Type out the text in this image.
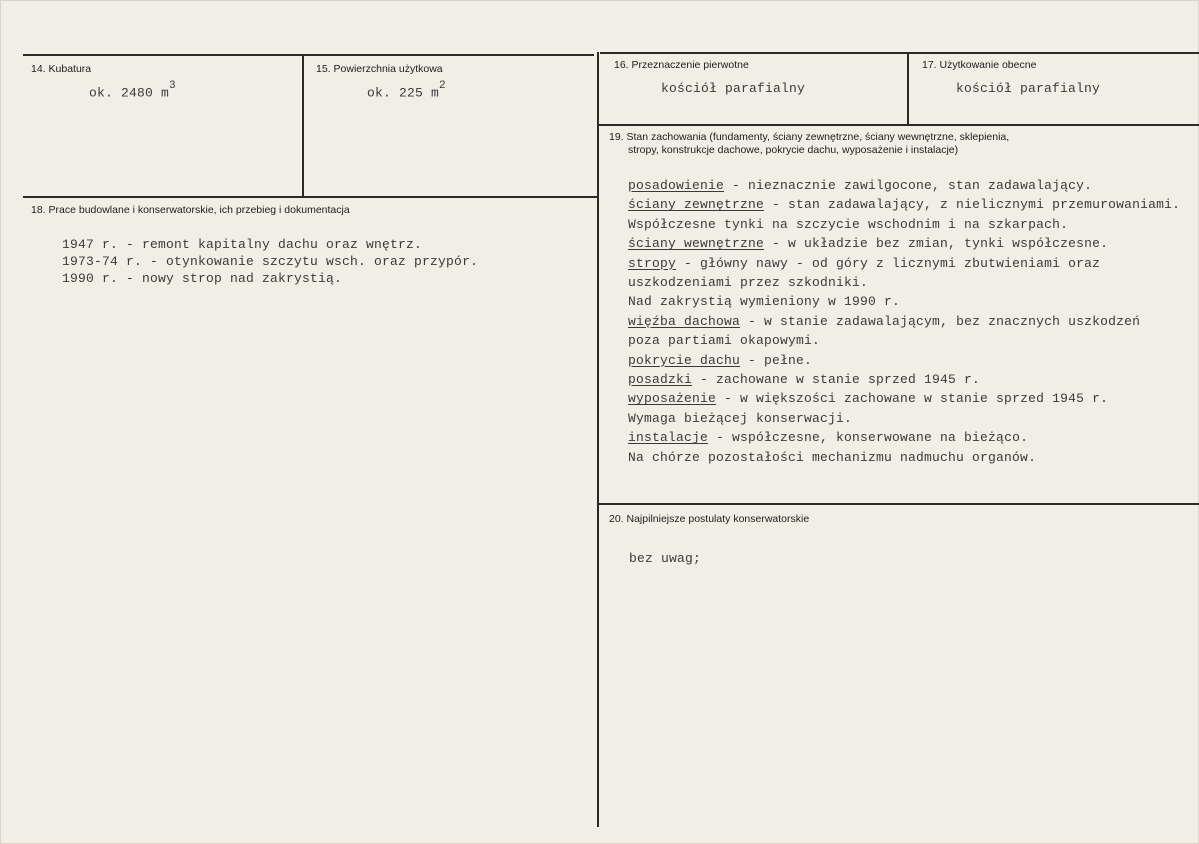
14. Kubatura
ok. 2480 $m^3$
15. Powierzchnia użytkowa
ok. 225 $m^2$
16. Przeznaczenie pierwotne
kościół parafialny
17. Użytkowanie obecne
kościół parafialny
18. Prace budowlane i konserwatorskie, ich przebieg i dokumentacja
1947 r. - remont kapitalny dachu oraz wnętrz.
1973-74 r. - otynkowanie szczytu wsch. oraz przypór.
1990 r. - nowy strop nad zakrystią.
19. Stan zachowania (fundamenty, ściany zewnętrzne, ściany wewnętrzne, sklepienia,
stropy, konstrukcje dachowe, pokrycie dachu, wyposażenie i instalacje)
posadowienie - nieznacznie zawilgocone, stan zadawalający.
ściany zewnętrzne - stan zadawalający, z nielicznymi przemurowaniami.
Współczesne tynki na szczycie wschodnim i na szkarpach.
ściany wewnętrzne - w układzie bez zmian, tynki współczesne.
stropy - główny nawy - od góry z licznymi zbutwieniami oraz
uszkodzeniami przez szkodniki.
Nad zakrystią wymieniony w 1990 r.
więźba dachowa - w stanie zadawalającym, bez znacznych uszkodzeń
poza partiami okapowymi.
pokrycie dachu - pełne.
posadzki - zachowane w stanie sprzed 1945 r.
wyposażenie - w większości zachowane w stanie sprzed 1945 r.
Wymaga bieżącej konserwacji.
instalacje - współczesne, konserwowane na bieżąco.
Na chórze pozostałości mechanizmu nadmuchu organów.
20. Najpilniejsze postulaty konserwatorskie
bez uwag;
